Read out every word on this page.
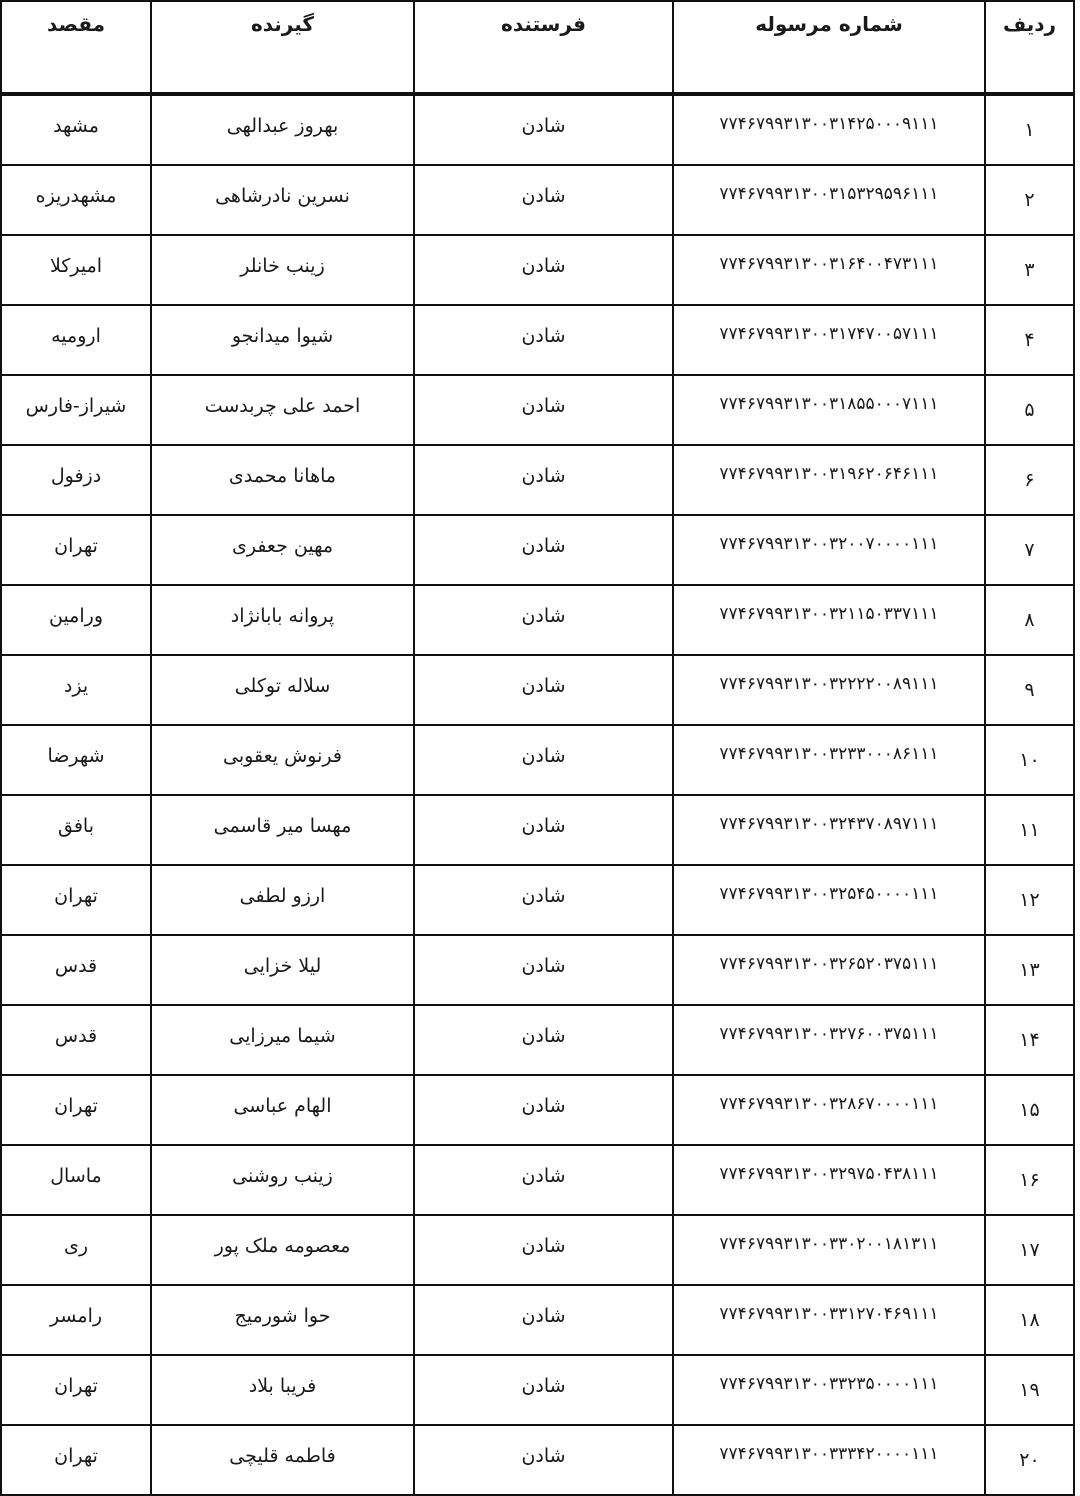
ردیف	شماره مرسوله	فرستنده	گیرنده	مقصد
۱	۷۷۴۶۷۹۹۳۱۳۰۰۳۱۴۲۵۰۰۰۹۱۱۱	شادن	بهروز عبدالهی	مشهد
۲	۷۷۴۶۷۹۹۳۱۳۰۰۳۱۵۳۲۹۵۹۶۱۱۱	شادن	نسرین نادرشاهی	مشهدریزه
۳	۷۷۴۶۷۹۹۳۱۳۰۰۳۱۶۴۰۰۴۷۳۱۱۱	شادن	زینب خانلر	امیرکلا
۴	۷۷۴۶۷۹۹۳۱۳۰۰۳۱۷۴۷۰۰۵۷۱۱۱	شادن	شیوا میدانجو	ارومیه
۵	۷۷۴۶۷۹۹۳۱۳۰۰۳۱۸۵۵۰۰۰۷۱۱۱	شادن	احمد علی چربدست	شیراز-فارس
۶	۷۷۴۶۷۹۹۳۱۳۰۰۳۱۹۶۲۰۶۴۶۱۱۱	شادن	ماهانا محمدی	دزفول
۷	۷۷۴۶۷۹۹۳۱۳۰۰۳۲۰۰۷۰۰۰۰۱۱۱	شادن	مهین جعفری	تهران
۸	۷۷۴۶۷۹۹۳۱۳۰۰۳۲۱۱۵۰۳۳۷۱۱۱	شادن	پروانه بابانژاد	ورامین
۹	۷۷۴۶۷۹۹۳۱۳۰۰۳۲۲۲۲۰۰۸۹۱۱۱	شادن	سلاله توکلی	یزد
۱۰	۷۷۴۶۷۹۹۳۱۳۰۰۳۲۳۳۰۰۰۸۶۱۱۱	شادن	فرنوش یعقوبی	شهرضا
۱۱	۷۷۴۶۷۹۹۳۱۳۰۰۳۲۴۳۷۰۸۹۷۱۱۱	شادن	مهسا میر قاسمی	بافق
۱۲	۷۷۴۶۷۹۹۳۱۳۰۰۳۲۵۴۵۰۰۰۰۱۱۱	شادن	ارزو لطفی	تهران
۱۳	۷۷۴۶۷۹۹۳۱۳۰۰۳۲۶۵۲۰۳۷۵۱۱۱	شادن	لیلا خزایی	قدس
۱۴	۷۷۴۶۷۹۹۳۱۳۰۰۳۲۷۶۰۰۳۷۵۱۱۱	شادن	شیما میرزایی	قدس
۱۵	۷۷۴۶۷۹۹۳۱۳۰۰۳۲۸۶۷۰۰۰۰۱۱۱	شادن	الهام عباسی	تهران
۱۶	۷۷۴۶۷۹۹۳۱۳۰۰۳۲۹۷۵۰۴۳۸۱۱۱	شادن	زینب روشنی	ماسال
۱۷	۷۷۴۶۷۹۹۳۱۳۰۰۳۳۰۲۰۰۱۸۱۳۱۱	شادن	معصومه ملک پور	ری
۱۸	۷۷۴۶۷۹۹۳۱۳۰۰۳۳۱۲۷۰۴۶۹۱۱۱	شادن	حوا شورمیج	رامسر
۱۹	۷۷۴۶۷۹۹۳۱۳۰۰۳۳۲۳۵۰۰۰۰۱۱۱	شادن	فریبا بلاد	تهران
۲۰	۷۷۴۶۷۹۹۳۱۳۰۰۳۳۳۴۲۰۰۰۰۱۱۱	شادن	فاطمه قلیچی	تهران
